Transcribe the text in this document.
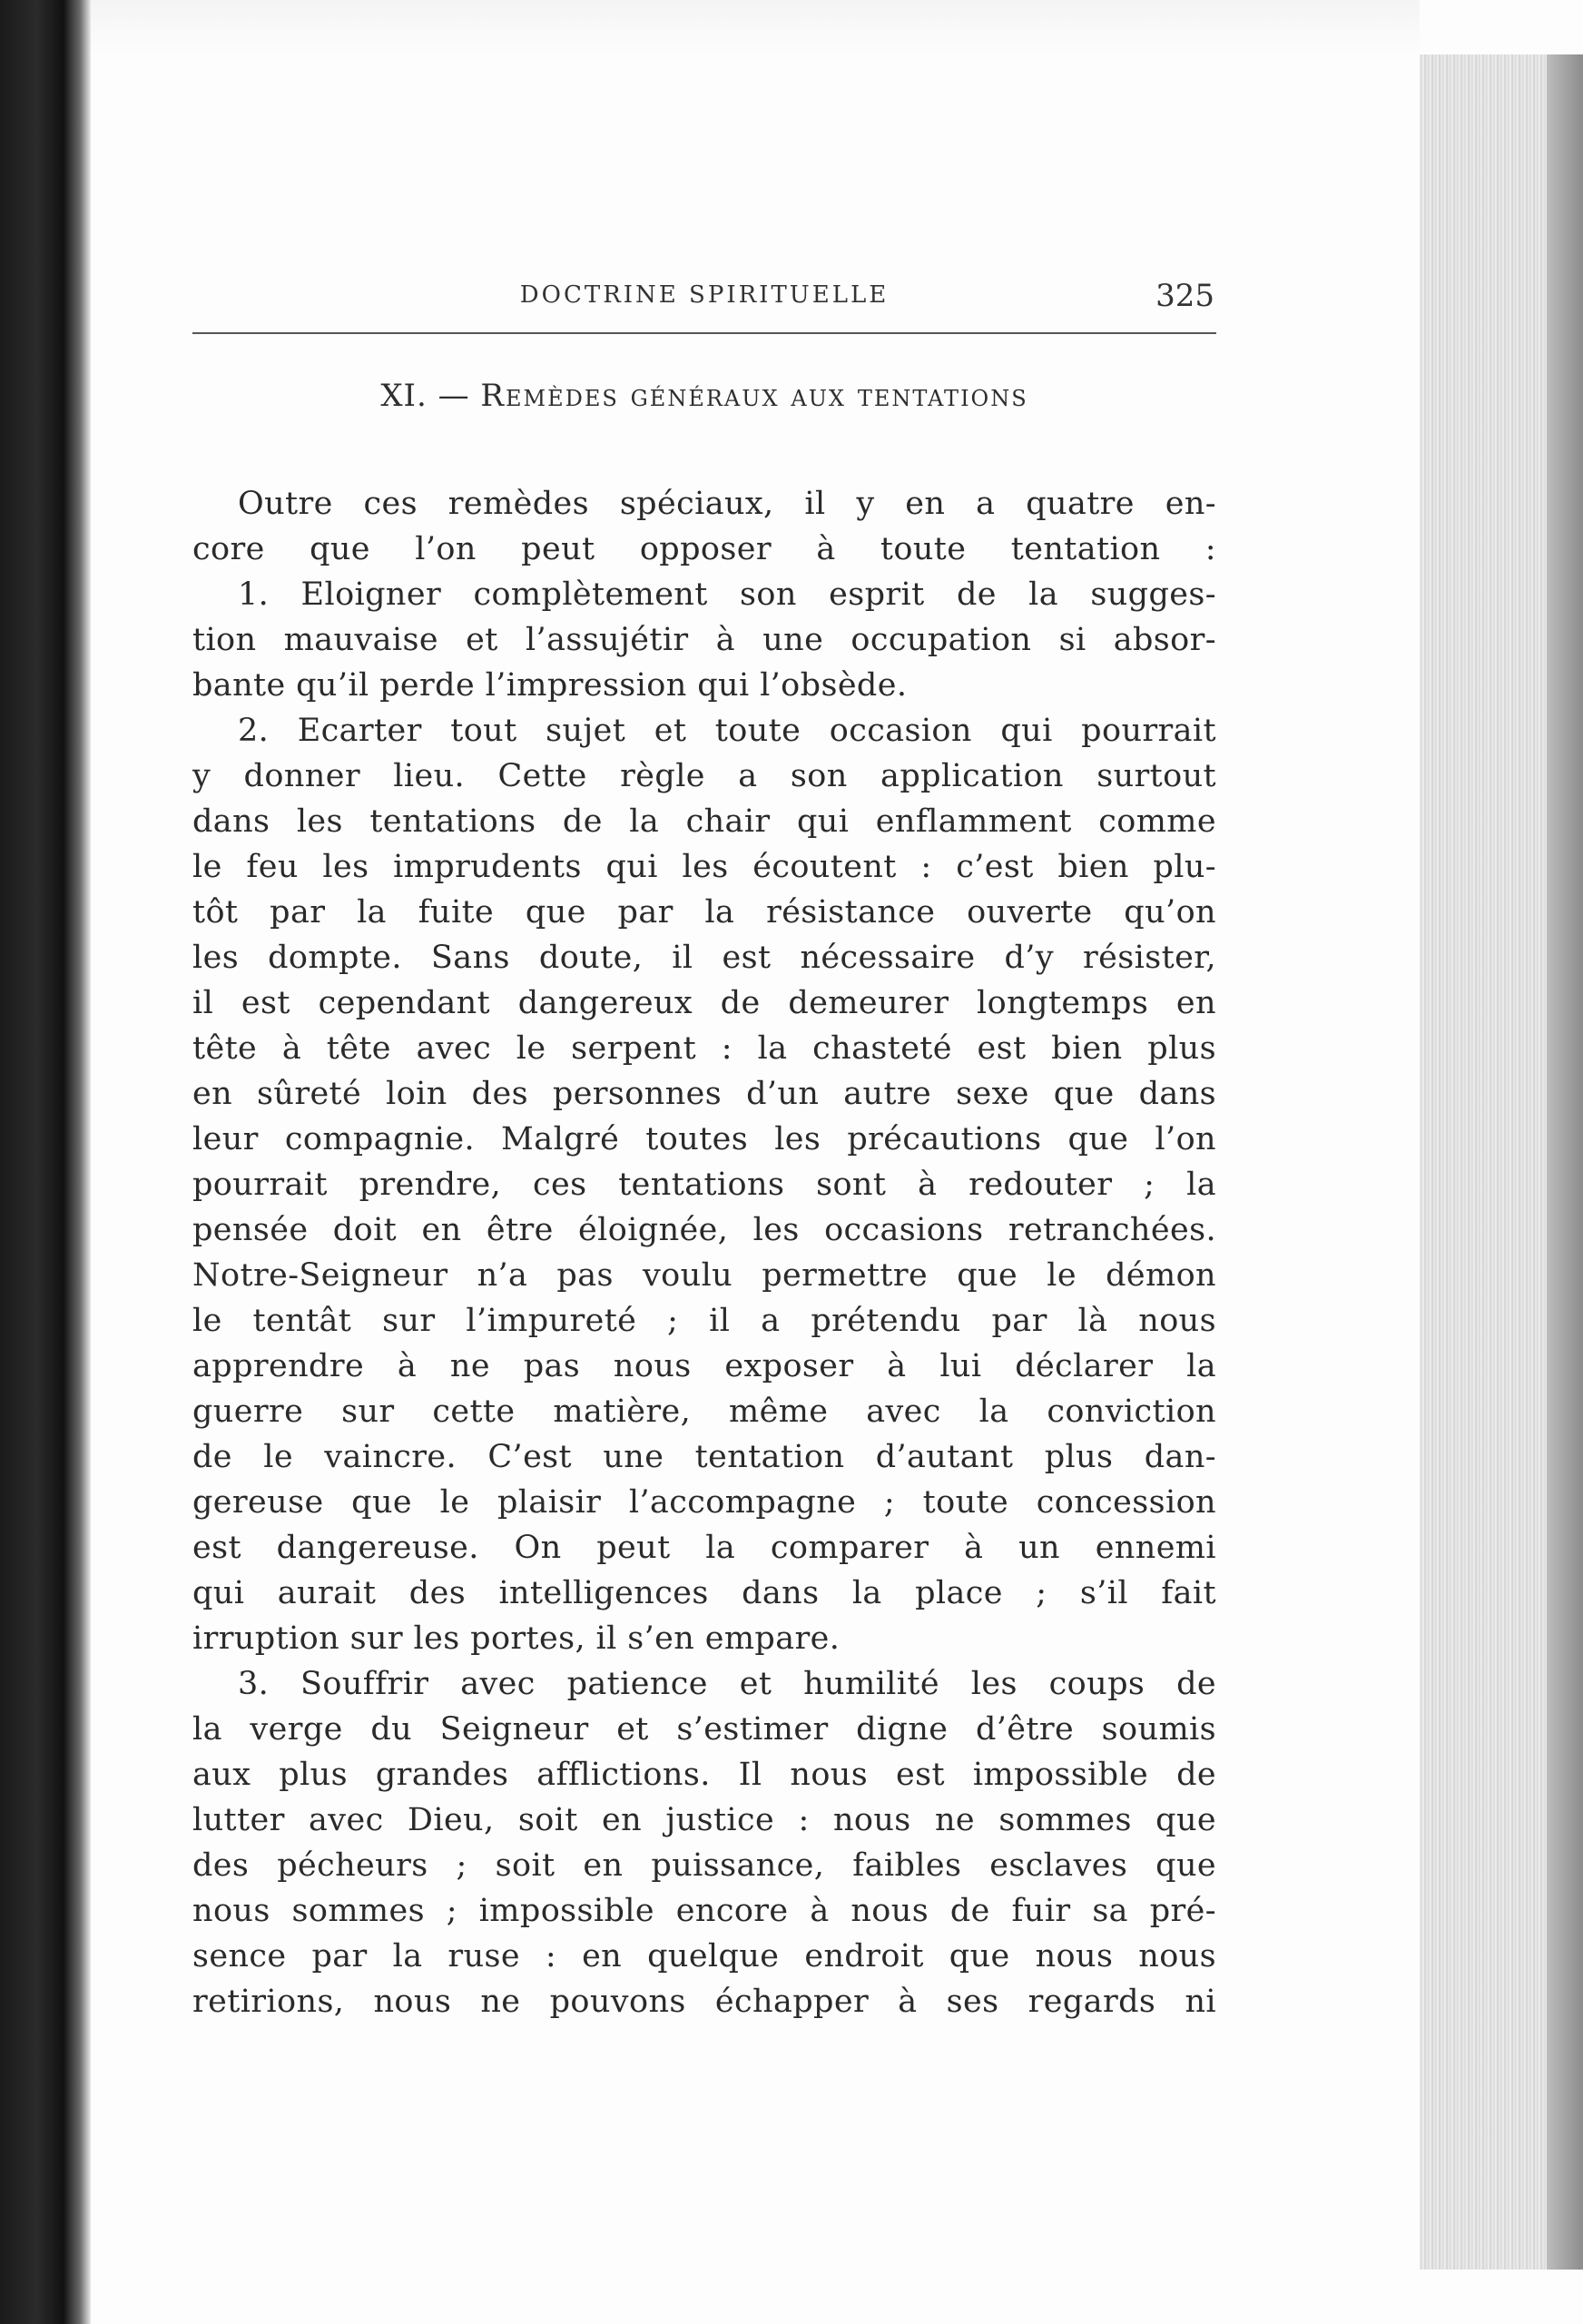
DOCTRINE SPIRITUELLE	325
XI. — Remèdes généraux aux tentations
Outre ces remèdes spéciaux, il y en a quatre en-
core que l’on peut opposer à toute tentation :
1. Eloigner complètement son esprit de la sugges-
tion mauvaise et l’assujétir à une occupation si absor-
bante qu’il perde l’impression qui l’obsède.
2. Ecarter tout sujet et toute occasion qui pourrait
y donner lieu. Cette règle a son application surtout
dans les tentations de la chair qui enflamment comme
le feu les imprudents qui les écoutent : c’est bien plu-
tôt par la fuite que par la résistance ouverte qu’on
les dompte. Sans doute, il est nécessaire d’y résister,
il est cependant dangereux de demeurer longtemps en
tête à tête avec le serpent : la chasteté est bien plus
en sûreté loin des personnes d’un autre sexe que dans
leur compagnie. Malgré toutes les précautions que l’on
pourrait prendre, ces tentations sont à redouter ; la
pensée doit en être éloignée, les occasions retranchées.
Notre-Seigneur n’a pas voulu permettre que le démon
le tentât sur l’impureté ; il a prétendu par là nous
apprendre à ne pas nous exposer à lui déclarer la
guerre sur cette matière, même avec la conviction
de le vaincre. C’est une tentation d’autant plus dan-
gereuse que le plaisir l’accompagne ; toute concession
est dangereuse. On peut la comparer à un ennemi
qui aurait des intelligences dans la place ; s’il fait
irruption sur les portes, il s’en empare.
3. Souffrir avec patience et humilité les coups de
la verge du Seigneur et s’estimer digne d’être soumis
aux plus grandes afflictions. Il nous est impossible de
lutter avec Dieu, soit en justice : nous ne sommes que
des pécheurs ; soit en puissance, faibles esclaves que
nous sommes ; impossible encore à nous de fuir sa pré-
sence par la ruse : en quelque endroit que nous nous
retirions, nous ne pouvons échapper à ses regards ni
